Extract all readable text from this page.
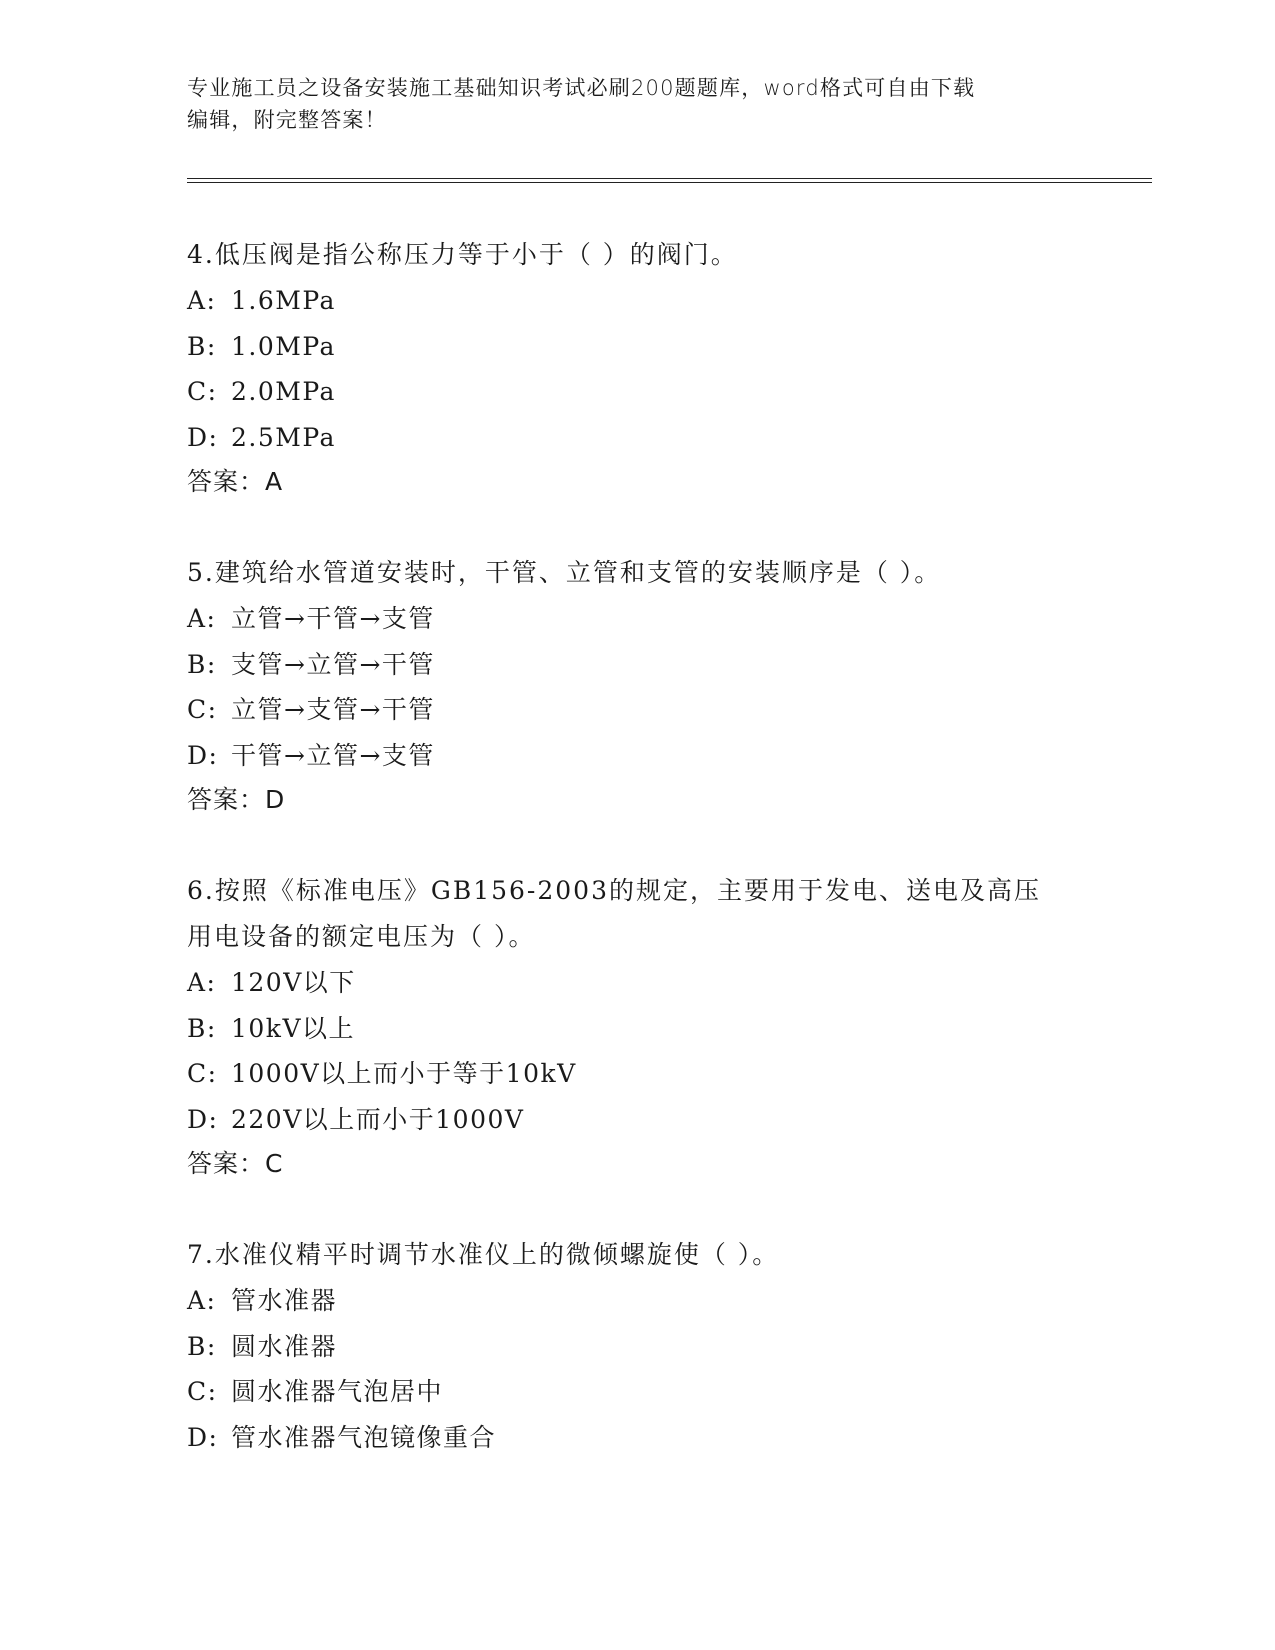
专业施工员之设备安装施工基础知识考试必刷200题题库，word格式可自由下载
编辑，附完整答案！

4.低压阀是指公称压力等于小于（ ）的阀门。

A: 1.6MPa

B: 1.0MPa

C: 2.0MPa

D: 2.5MPa

答案：A

5.建筑给水管道安装时，干管、立管和支管的安装顺序是（ ）。

A: 立管→干管→支管

B: 支管→立管→干管

C: 立管→支管→干管

D: 干管→立管→支管

答案：D

6.按照《标准电压》GB156-2003的规定，主要用于发电、送电及高压

用电设备的额定电压为（ ）。

A: 120V以下

B: 10kV以上

C: 1000V以上而小于等于10kV

D: 220V以上而小于1000V

答案：C

7.水准仪精平时调节水准仪上的微倾螺旋使（ ）。

A: 管水准器

B: 圆水准器

C: 圆水准器气泡居中

D: 管水准器气泡镜像重合
